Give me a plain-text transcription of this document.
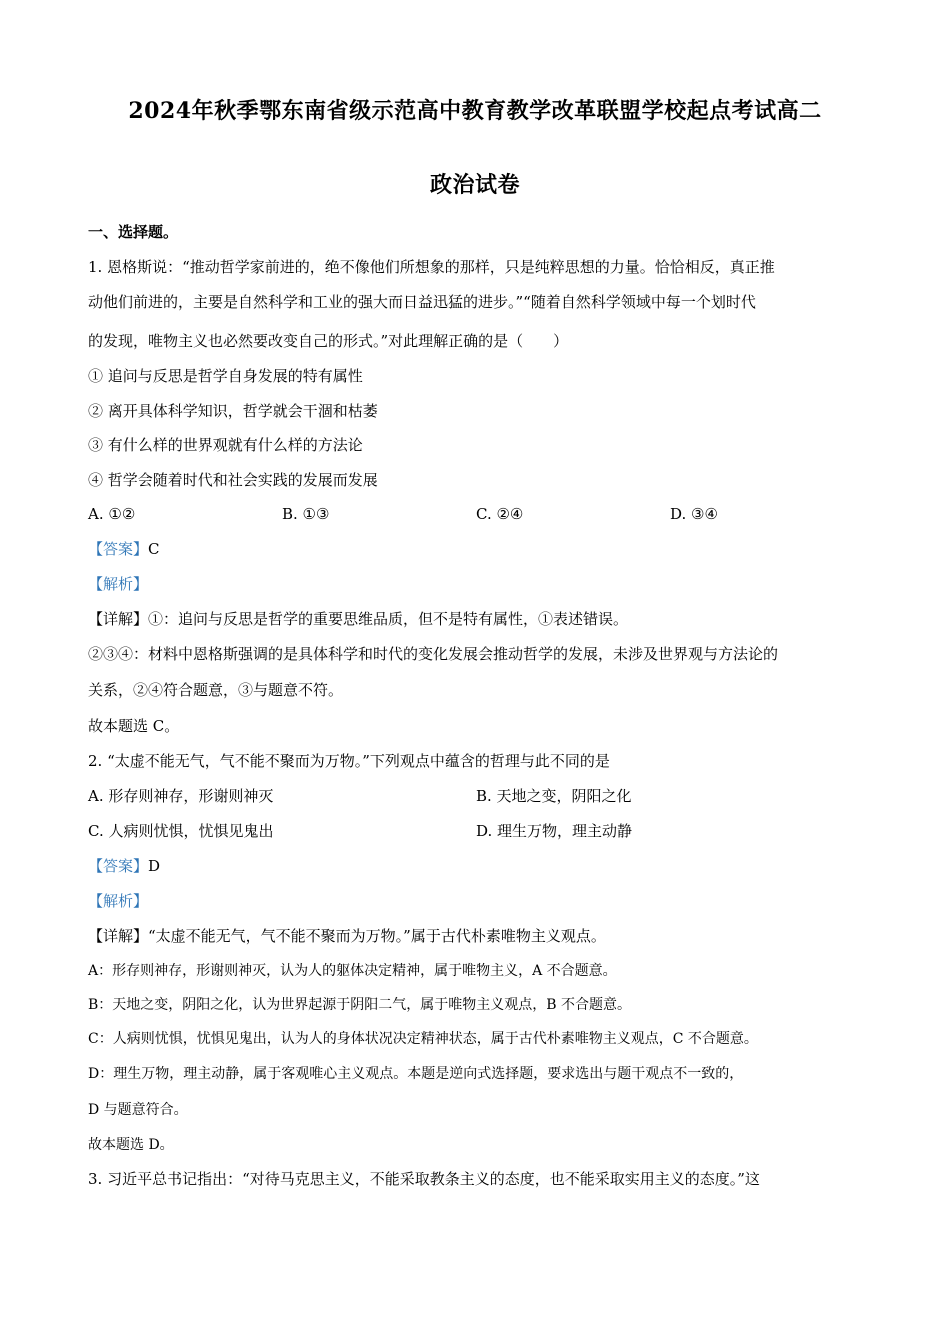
2024年秋季鄂东南省级示范高中教育教学改革联盟学校起点考试高二
政治试卷
一、选择题。
1. 恩格斯说：“推动哲学家前进的，绝不像他们所想象的那样，只是纯粹思想的力量。恰恰相反，真正推
动他们前进的，主要是自然科学和工业的强大而日益迅猛的进步。”“随着自然科学领域中每一个划时代
的发现，唯物主义也必然要改变自己的形式。”对此理解正确的是（　　）
① 追问与反思是哲学自身发展的特有属性
② 离开具体科学知识，哲学就会干涸和枯萎
③ 有什么样的世界观就有什么样的方法论
④ 哲学会随着时代和社会实践的发展而发展
A. ①②	B. ①③	C. ②④	D. ③④
【答案】C
【解析】
【详解】①：追问与反思是哲学的重要思维品质，但不是特有属性，①表述错误。
②③④：材料中恩格斯强调的是具体科学和时代的变化发展会推动哲学的发展，未涉及世界观与方法论的
关系，②④符合题意，③与题意不符。
故本题选 C。
2. “太虚不能无气，气不能不聚而为万物。”下列观点中蕴含的哲理与此不同的是
A. 形存则神存，形谢则神灭	B. 天地之变，阴阳之化
C. 人病则忧惧，忧惧见鬼出	D. 理生万物，理主动静
【答案】D
【解析】
【详解】“太虚不能无气，气不能不聚而为万物。”属于古代朴素唯物主义观点。
A：形存则神存，形谢则神灭，认为人的躯体决定精神，属于唯物主义，A 不合题意。
B：天地之变，阴阳之化，认为世界起源于阴阳二气，属于唯物主义观点，B 不合题意。
C：人病则忧惧，忧惧见鬼出，认为人的身体状况决定精神状态，属于古代朴素唯物主义观点，C 不合题意。
D：理生万物，理主动静，属于客观唯心主义观点。本题是逆向式选择题，要求选出与题干观点不一致的，
D 与题意符合。
故本题选 D。
3. 习近平总书记指出：“对待马克思主义，不能采取教条主义的态度，也不能采取实用主义的态度。”这
